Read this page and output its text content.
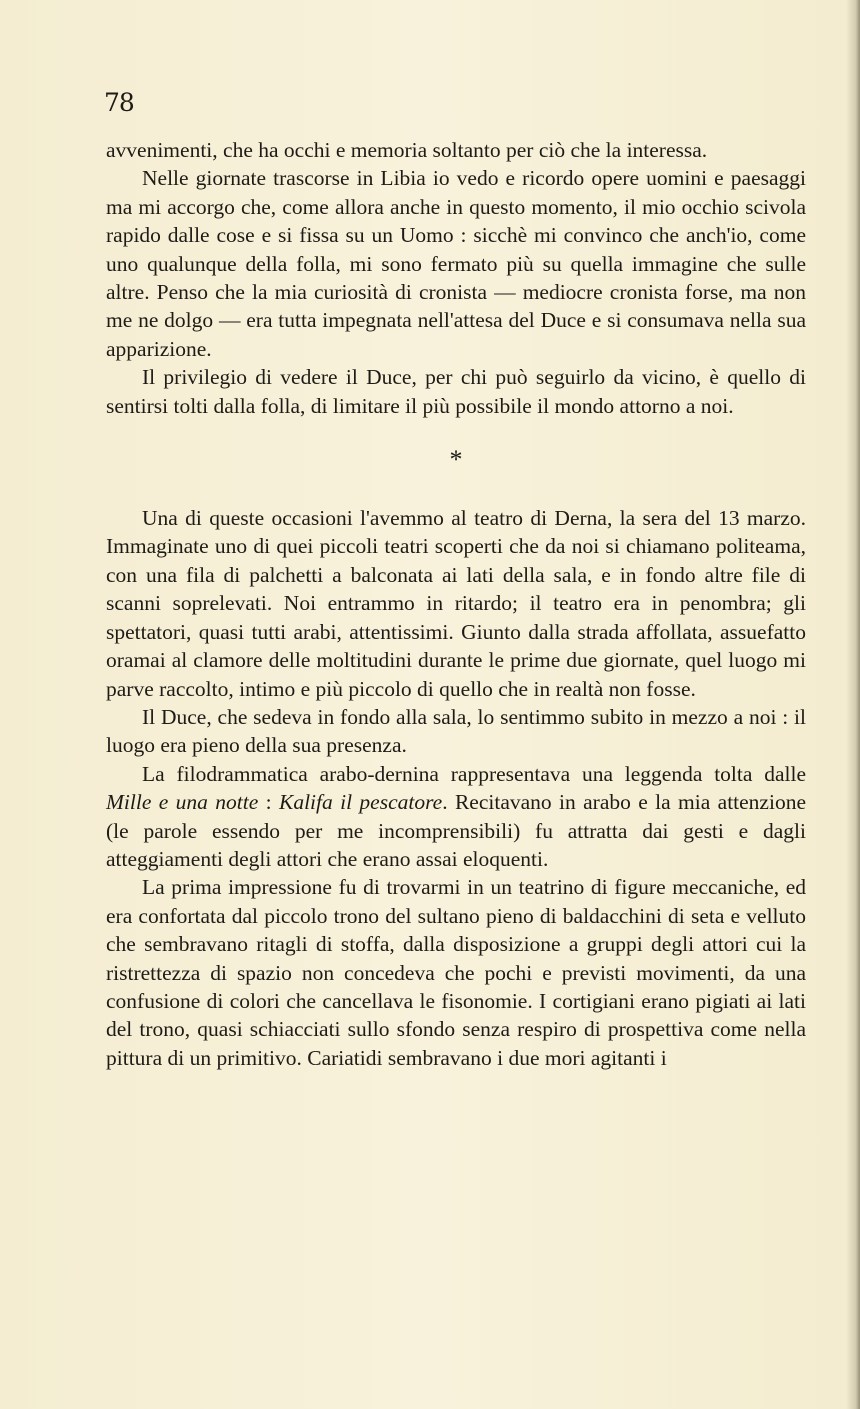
78

avvenimenti, che ha occhi e memoria soltanto per ciò che la interessa.

Nelle giornate trascorse in Libia io vedo e ricordo opere uomini e paesaggi ma mi accorgo che, come allora anche in questo momento, il mio occhio scivola rapido dalle cose e si fissa su un Uomo : sicchè mi convinco che anch'io, come uno qualunque della folla, mi sono fermato più su quella immagine che sulle altre. Penso che la mia curiosità di cronista — mediocre cronista forse, ma non me ne dolgo — era tutta impegnata nell'attesa del Duce e si consumava nella sua apparizione.

Il privilegio di vedere il Duce, per chi può seguirlo da vicino, è quello di sentirsi tolti dalla folla, di limitare il più possibile il mondo attorno a noi.

*

Una di queste occasioni l'avemmo al teatro di Derna, la sera del 13 marzo. Immaginate uno di quei piccoli teatri scoperti che da noi si chiamano politeama, con una fila di palchetti a balconata ai lati della sala, e in fondo altre file di scanni soprelevati. Noi entrammo in ritardo; il teatro era in penombra; gli spettatori, quasi tutti arabi, attentissimi. Giunto dalla strada affollata, assuefatto oramai al clamore delle moltitudini durante le prime due giornate, quel luogo mi parve raccolto, intimo e più piccolo di quello che in realtà non fosse.

Il Duce, che sedeva in fondo alla sala, lo sentimmo subito in mezzo a noi : il luogo era pieno della sua presenza.

La filodrammatica arabo-dernina rappresentava una leggenda tolta dalle Mille e una notte : Kalifa il pescatore. Recitavano in arabo e la mia attenzione (le parole essendo per me incomprensibili) fu attratta dai gesti e dagli atteggiamenti degli attori che erano assai eloquenti.

La prima impressione fu di trovarmi in un teatrino di figure meccaniche, ed era confortata dal piccolo trono del sultano pieno di baldacchini di seta e velluto che sembravano ritagli di stoffa, dalla disposizione a gruppi degli attori cui la ristrettezza di spazio non concedeva che pochi e previsti movimenti, da una confusione di colori che cancellava le fisonomie. I cortigiani erano pigiati ai lati del trono, quasi schiacciati sullo sfondo senza respiro di prospettiva come nella pittura di un primitivo. Cariatidi sembravano i due mori agitanti i
